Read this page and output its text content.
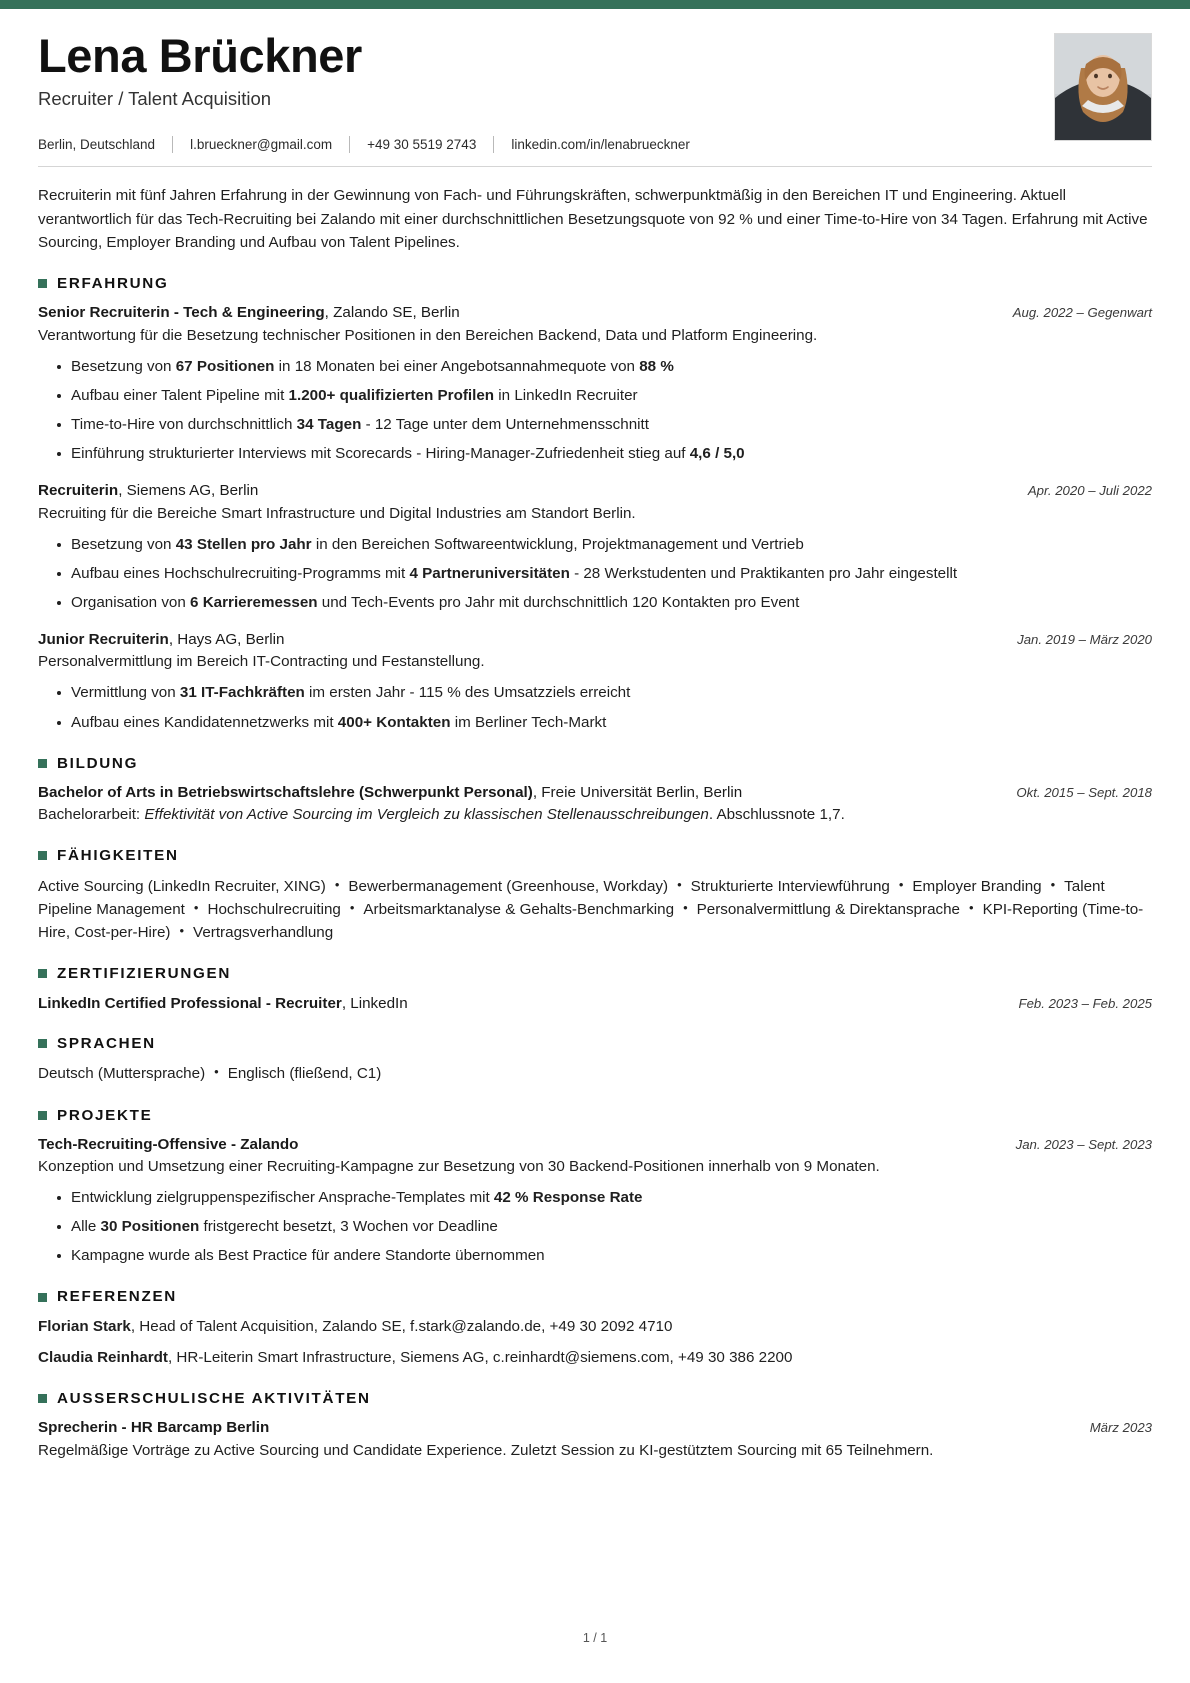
Lena Brückner
Recruiter / Talent Acquisition
Berlin, Deutschland	l.brueckner@gmail.com	+49 30 5519 2743	linkedin.com/in/lenabrueckner

Recruiterin mit fünf Jahren Erfahrung in der Gewinnung von Fach- und Führungskräften, schwerpunktmäßig in den Bereichen IT und Engineering. Aktuell verantwortlich für das Tech-Recruiting bei Zalando mit einer durchschnittlichen Besetzungsquote von 92 % und einer Time-to-Hire von 34 Tagen. Erfahrung mit Active Sourcing, Employer Branding und Aufbau von Talent Pipelines.

ERFAHRUNG
Senior Recruiterin - Tech & Engineering, Zalando SE, Berlin	Aug. 2022 – Gegenwart
Verantwortung für die Besetzung technischer Positionen in den Bereichen Backend, Data und Platform Engineering.
Besetzung von 67 Positionen in 18 Monaten bei einer Angebotsannahmequote von 88 %
Aufbau einer Talent Pipeline mit 1.200+ qualifizierten Profilen in LinkedIn Recruiter
Time-to-Hire von durchschnittlich 34 Tagen - 12 Tage unter dem Unternehmensschnitt
Einführung strukturierter Interviews mit Scorecards - Hiring-Manager-Zufriedenheit stieg auf 4,6 / 5,0
Recruiterin, Siemens AG, Berlin	Apr. 2020 – Juli 2022
Recruiting für die Bereiche Smart Infrastructure und Digital Industries am Standort Berlin.
Besetzung von 43 Stellen pro Jahr in den Bereichen Softwareentwicklung, Projektmanagement und Vertrieb
Aufbau eines Hochschulrecruiting-Programms mit 4 Partneruniversitäten - 28 Werkstudenten und Praktikanten pro Jahr eingestellt
Organisation von 6 Karrieremessen und Tech-Events pro Jahr mit durchschnittlich 120 Kontakten pro Event
Junior Recruiterin, Hays AG, Berlin	Jan. 2019 – März 2020
Personalvermittlung im Bereich IT-Contracting und Festanstellung.
Vermittlung von 31 IT-Fachkräften im ersten Jahr - 115 % des Umsatzziels erreicht
Aufbau eines Kandidatennetzwerks mit 400+ Kontakten im Berliner Tech-Markt
BILDUNG
Bachelor of Arts in Betriebswirtschaftslehre (Schwerpunkt Personal), Freie Universität Berlin, Berlin	Okt. 2015 – Sept. 2018
Bachelorarbeit: Effektivität von Active Sourcing im Vergleich zu klassischen Stellenausschreibungen. Abschlussnote 1,7.
FÄHIGKEITEN
Active Sourcing (LinkedIn Recruiter, XING) • Bewerbermanagement (Greenhouse, Workday) • Strukturierte Interviewführung • Employer Branding • Talent Pipeline Management • Hochschulrecruiting • Arbeitsmarktanalyse & Gehalts-Benchmarking • Personalvermittlung & Direktansprache • KPI-Reporting (Time-to-Hire, Cost-per-Hire) • Vertragsverhandlung
ZERTIFIZIERUNGEN
LinkedIn Certified Professional - Recruiter, LinkedIn	Feb. 2023 – Feb. 2025
SPRACHEN
Deutsch (Muttersprache) • Englisch (fließend, C1)
PROJEKTE
Tech-Recruiting-Offensive - Zalando	Jan. 2023 – Sept. 2023
Konzeption und Umsetzung einer Recruiting-Kampagne zur Besetzung von 30 Backend-Positionen innerhalb von 9 Monaten.
Entwicklung zielgruppenspezifischer Ansprache-Templates mit 42 % Response Rate
Alle 30 Positionen fristgerecht besetzt, 3 Wochen vor Deadline
Kampagne wurde als Best Practice für andere Standorte übernommen
REFERENZEN
Florian Stark, Head of Talent Acquisition, Zalando SE, f.stark@zalando.de, +49 30 2092 4710
Claudia Reinhardt, HR-Leiterin Smart Infrastructure, Siemens AG, c.reinhardt@siemens.com, +49 30 386 2200
AUSSERSCHULISCHE AKTIVITÄTEN
Sprecherin - HR Barcamp Berlin	März 2023
Regelmäßige Vorträge zu Active Sourcing und Candidate Experience. Zuletzt Session zu KI-gestütztem Sourcing mit 65 Teilnehmern.
1 / 1
